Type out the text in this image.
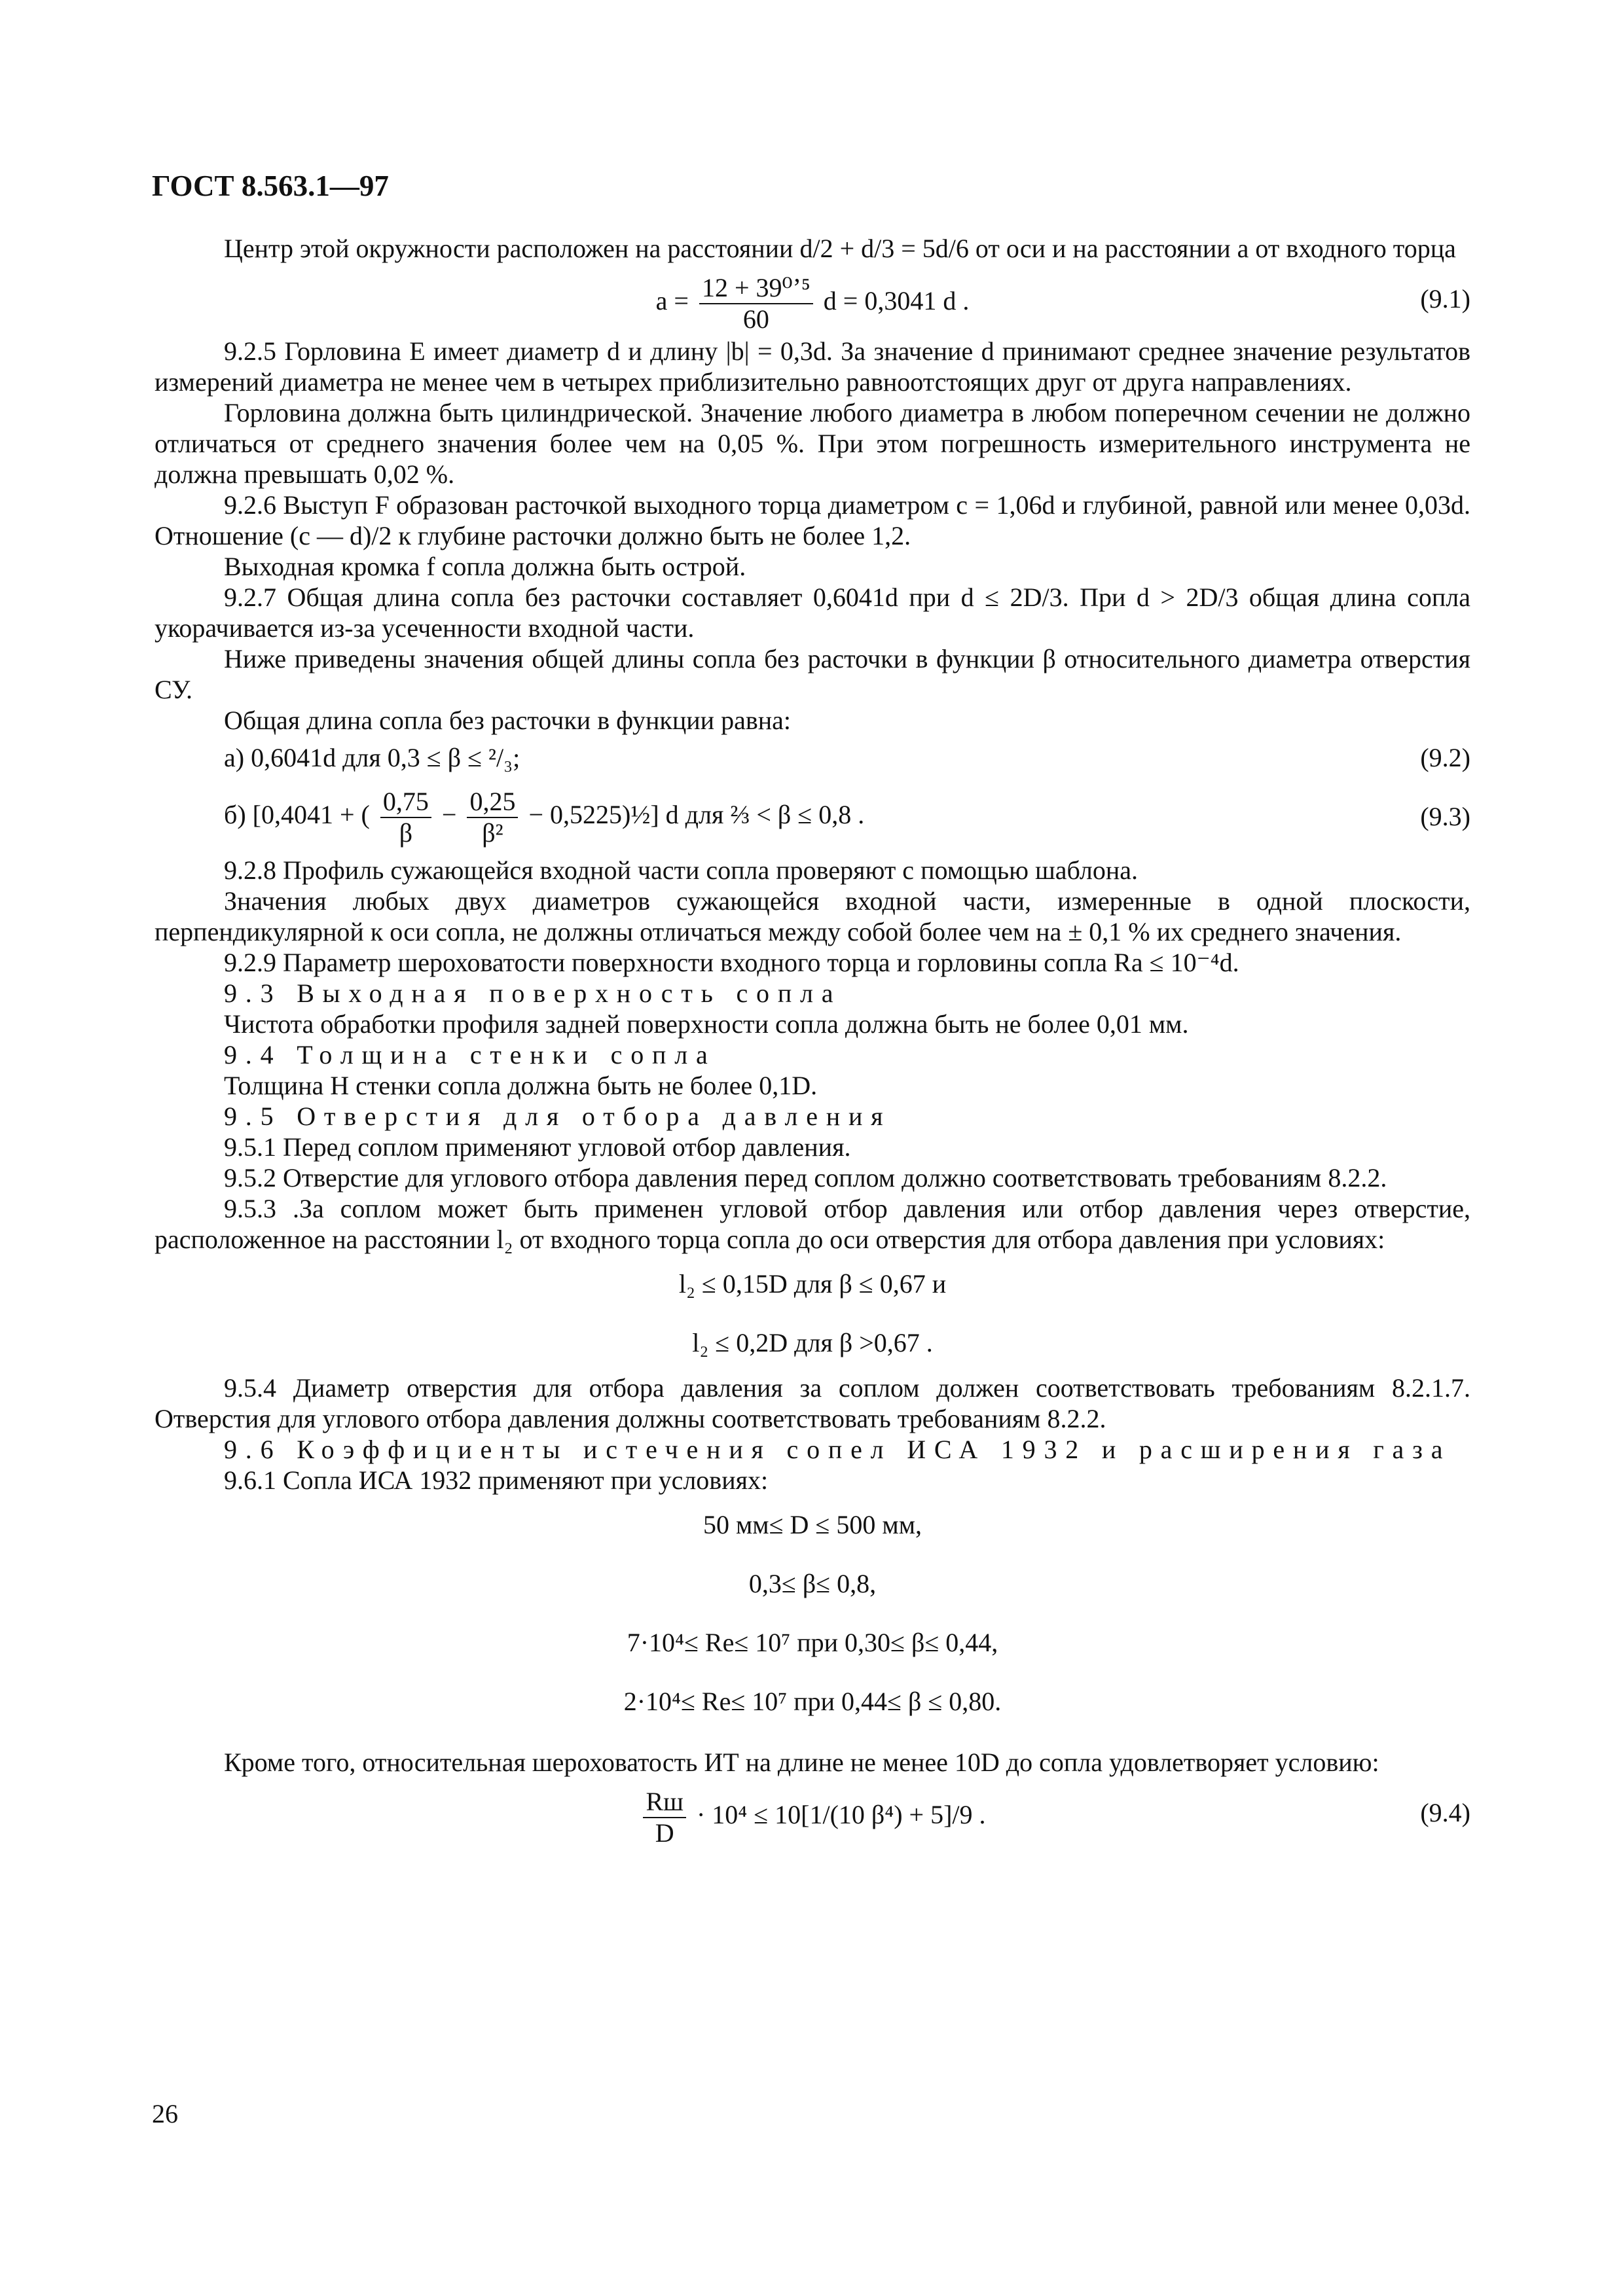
ГОСТ 8.563.1—97

Центр этой окружности расположен на расстоянии d/2 + d/3 = 5d/6 от оси и на расстоянии a от входного торца

$a = \frac{\text{12 + 39⁰ʼ⁵}}{60}$ d = 0,3041 d .	(9.1)

9.2.5 Горловина E имеет диаметр d и длину |b| = 0,3d. За значение d принимают среднее значение результатов измерений диаметра не менее чем в четырех приблизительно равноотстоящих друг от друга направлениях.

Горловина должна быть цилиндрической. Значение любого диаметра в любом поперечном сечении не должно отличаться от среднего значения более чем на 0,05 %. При этом погрешность измерительного инструмента не должна превышать 0,02 %.

9.2.6 Выступ F образован расточкой выходного торца диаметром c = 1,06d и глубиной, равной или менее 0,03d. Отношение (c — d)/2 к глубине расточки должно быть не более 1,2.

Выходная кромка f сопла должна быть острой.

9.2.7 Общая длина сопла без расточки составляет 0,6041d при d ≤ 2D/3. При d > 2D/3 общая длина сопла укорачивается из-за усеченности входной части.

Ниже приведены значения общей длины сопла без расточки в функции β относительного диаметра отверстия СУ.

Общая длина сопла без расточки в функции равна:

а) 0,6041d для 0,3 ≤ β ≤ ²/₃;	(9.2)
б) [0,4041 + ( $\frac{0,75}{\beta} - \frac{0,25}{\text{β²}}$ − 0,5225)½] d для ⅔ < β ≤ 0,8 .	(9.3)

9.2.8 Профиль сужающейся входной части сопла проверяют с помощью шаблона.

Значения любых двух диаметров сужающейся входной части, измеренные в одной плоскости, перпендикулярной к оси сопла, не должны отличаться между собой более чем на ± 0,1 % их среднего значения.

9.2.9 Параметр шероховатости поверхности входного торца и горловины сопла Ra ≤ 10⁻⁴d.

9.3 Выходная поверхность сопла

Чистота обработки профиля задней поверхности сопла должна быть не более 0,01 мм.

9.4 Толщина стенки сопла

Толщина H стенки сопла должна быть не более 0,1D.

9.5 Отверстия для отбора давления

9.5.1 Перед соплом применяют угловой отбор давления.

9.5.2 Отверстие для углового отбора давления перед соплом должно соответствовать требованиям 8.2.2.

9.5.3 .За соплом может быть применен угловой отбор давления или отбор давления через отверстие, расположенное на расстоянии l₂ от входного торца сопла до оси отверстия для отбора давления при условиях:

l₂ ≤ 0,15D для β ≤ 0,67 и

l₂ ≤ 0,2D для β >0,67 .

9.5.4 Диаметр отверстия для отбора давления за соплом должен соответствовать требованиям 8.2.1.7. Отверстия для углового отбора давления должны соответствовать требованиям 8.2.2.

9.6 Коэффициенты истечения сопел ИСА 1932 и расширения газа

9.6.1 Сопла ИСА 1932 применяют при условиях:

50 мм≤ D ≤ 500 мм,

0,3≤ β≤ 0,8,

7·10⁴≤ Re≤ 10⁷ при 0,30≤ β≤ 0,44,

2·10⁴≤ Re≤ 10⁷ при 0,44≤ β ≤ 0,80.

Кроме того, относительная шероховатость ИТ на длине не менее 10D до сопла удовлетворяет условию:

$\frac{Rш}{D} \cdot 10^4 \le 10[1/(10$ β⁴) + 5]/9 .	(9.4)

26
